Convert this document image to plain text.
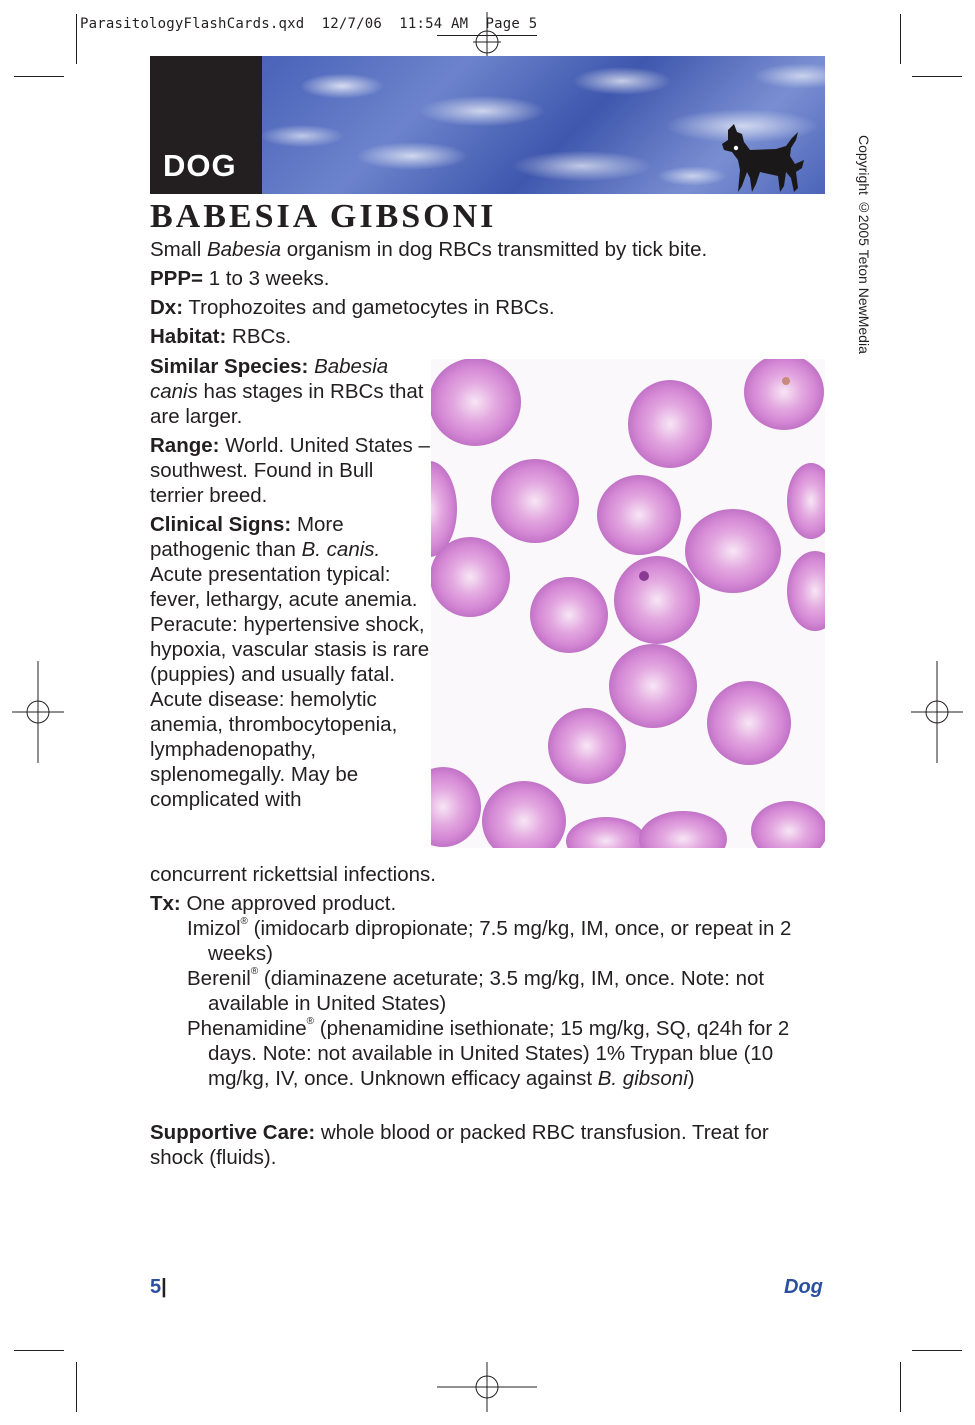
ParasitologyFlashCards.qxd  12/7/06  11:54 AM  Page 5
DOG
BABESIA GIBSONI	Copyright ©2005 Teton NewMedia
Small Babesia organism in dog RBCs transmitted by tick bite.
PPP= 1 to 3 weeks.
Dx: Trophozoites and gametocytes in RBCs.
Habitat: RBCs.

Similar Species: Babesia canis has stages in RBCs that are larger.

Range: World. United States – southwest. Found in Bull terrier breed.

Clinical Signs: More pathogenic than B. canis. Acute presentation typical: fever, lethargy, acute anemia. Peracute: hypertensive shock, hypoxia, vascular stasis is rare (puppies) and usually fatal. Acute disease: hemolytic anemia, thrombocytopenia, lymphadenopathy, splenomegally. May be complicated with

concurrent rickettsial infections.
Tx: One approved product.
Imizol® (imidocarb dipropionate; 7.5 mg/kg, IM, once, or repeat in 2 weeks)
Berenil® (diaminazene aceturate; 3.5 mg/kg, IM, once. Note: not available in United States)
Phenamidine® (phenamidine isethionate; 15 mg/kg, SQ, q24h for 2 days. Note: not available in United States) 1% Trypan blue (10 mg/kg, IV, once. Unknown efficacy against B. gibsoni)
Supportive Care: whole blood or packed RBC transfusion. Treat for shock (fluids).
5|	Dog
